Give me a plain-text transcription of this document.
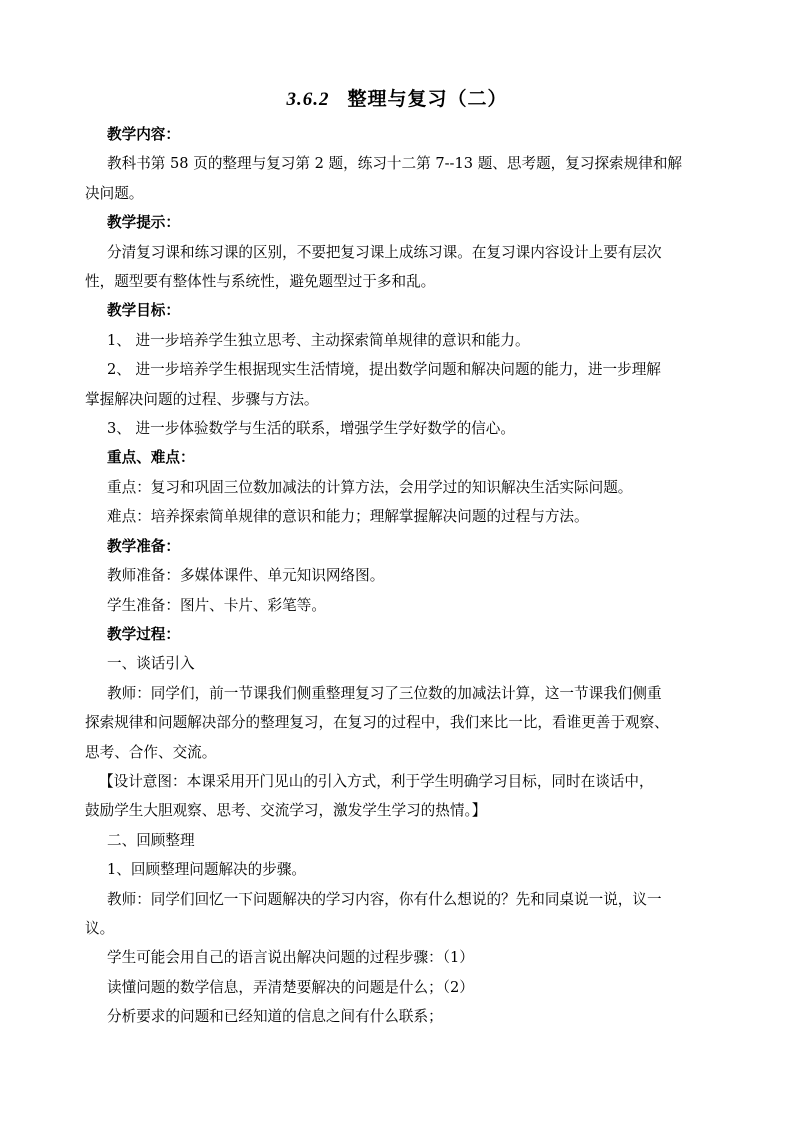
3.6.2 整理与复习（二）

教学内容：

教科书第 58 页的整理与复习第 2 题，练习十二第 7--13 题、思考题，复习探索规律和解

决问题。

教学提示：

分清复习课和练习课的区别，不要把复习课上成练习课。在复习课内容设计上要有层次

性，题型要有整体性与系统性，避免题型过于多和乱。

教学目标：

1、 进一步培养学生独立思考、主动探索简单规律的意识和能力。

2、 进一步培养学生根据现实生活情境，提出数学问题和解决问题的能力，进一步理解

掌握解决问题的过程、步骤与方法。

3、 进一步体验数学与生活的联系，增强学生学好数学的信心。

重点、难点：

重点：复习和巩固三位数加减法的计算方法，会用学过的知识解决生活实际问题。

难点：培养探索简单规律的意识和能力；理解掌握解决问题的过程与方法。

教学准备：

教师准备：多媒体课件、单元知识网络图。

学生准备：图片、卡片、彩笔等。

教学过程：

一、谈话引入

教师：同学们，前一节课我们侧重整理复习了三位数的加减法计算，这一节课我们侧重

探索规律和问题解决部分的整理复习，在复习的过程中，我们来比一比，看谁更善于观察、

思考、合作、交流。

【设计意图：本课采用开门见山的引入方式，利于学生明确学习目标，同时在谈话中，

鼓励学生大胆观察、思考、交流学习，激发学生学习的热情。】

二、回顾整理

1、回顾整理问题解决的步骤。

教师：同学们回忆一下问题解决的学习内容，你有什么想说的？先和同桌说一说，议一

议。

学生可能会用自己的语言说出解决问题的过程步骤：（1）

读懂问题的数学信息，弄清楚要解决的问题是什么；（2）

分析要求的问题和已经知道的信息之间有什么联系；
